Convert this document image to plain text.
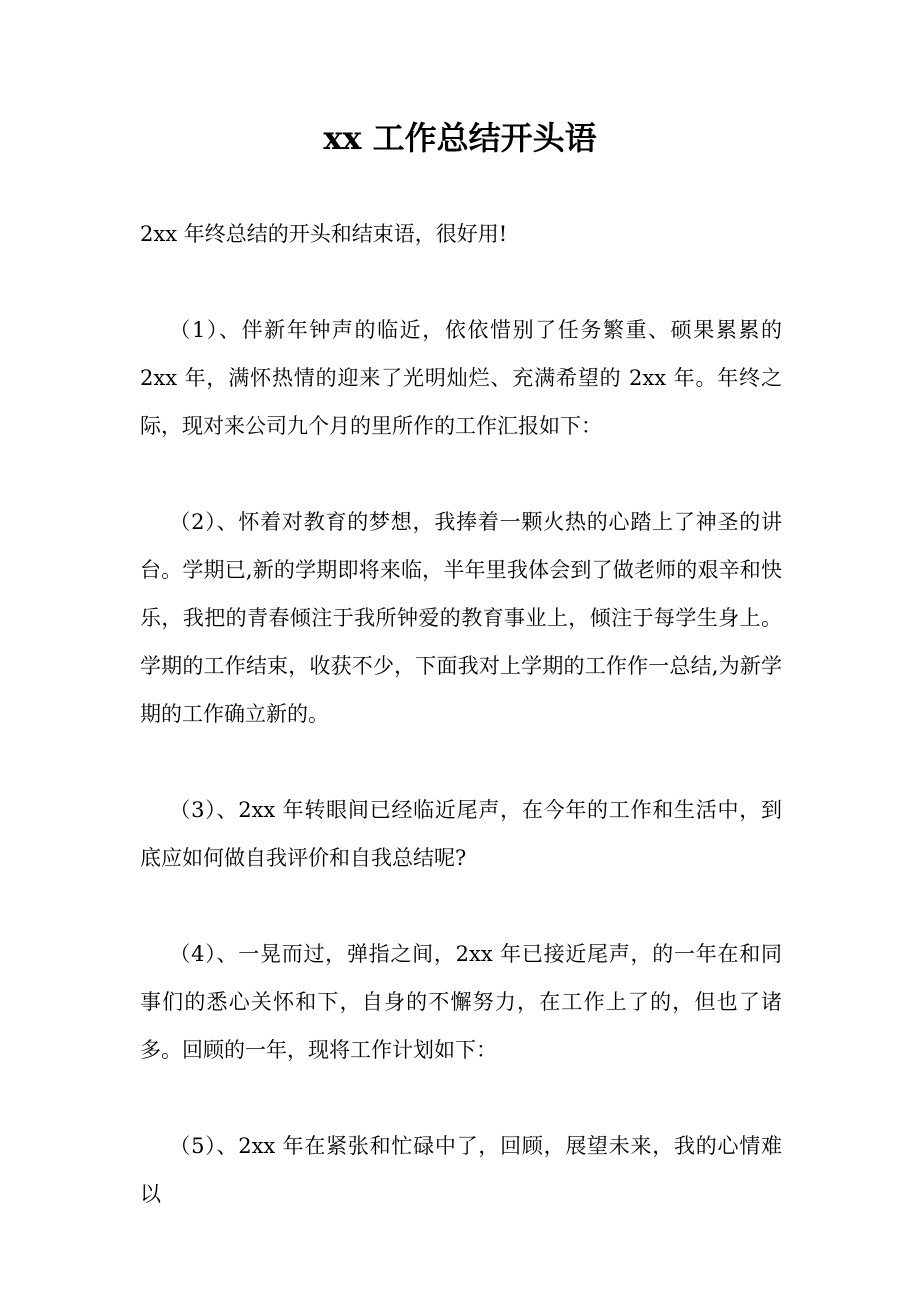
xx 工作总结开头语

2xx 年终总结的开头和结束语，很好用!

（1）、伴新年钟声的临近，依依惜别了任务繁重、硕果累累的 2xx 年，满怀热情的迎来了光明灿烂、充满希望的 2xx 年。年终之际，现对来公司九个月的里所作的工作汇报如下：

（2）、怀着对教育的梦想，我捧着一颗火热的心踏上了神圣的讲台。学期已,新的学期即将来临，半年里我体会到了做老师的艰辛和快乐，我把的青春倾注于我所钟爱的教育事业上，倾注于每学生身上。学期的工作结束，收获不少，下面我对上学期的工作作一总结,为新学期的工作确立新的。

（3）、2xx 年转眼间已经临近尾声，在今年的工作和生活中，到底应如何做自我评价和自我总结呢?

（4）、一晃而过，弹指之间，2xx 年已接近尾声，的一年在和同事们的悉心关怀和下，自身的不懈努力，在工作上了的，但也了诸多。回顾的一年，现将工作计划如下：

（5）、2xx 年在紧张和忙碌中了，回顾，展望未来，我的心情难以
